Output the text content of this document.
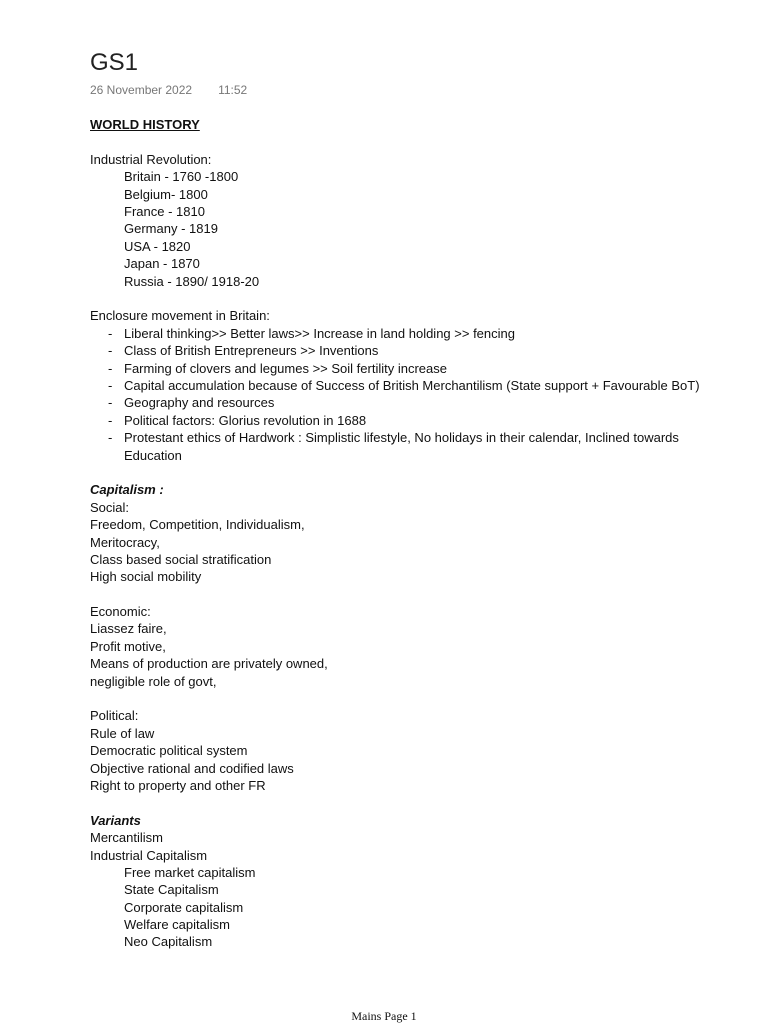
GS1
26 November 2022 11:52
WORLD HISTORY
Industrial Revolution:
Britain - 1760 -1800
Belgium- 1800
France - 1810
Germany - 1819
USA - 1820
Japan - 1870
Russia - 1890/ 1918-20
Enclosure movement in Britain:
- Liberal thinking>> Better laws>> Increase in land holding >> fencing
- Class of British Entrepreneurs >> Inventions
- Farming of clovers and legumes >> Soil fertility increase
- Capital accumulation because of Success of British Merchantilism (State support + Favourable BoT)
- Geography and resources
- Political factors: Glorius revolution in 1688
- Protestant ethics of Hardwork : Simplistic lifestyle, No holidays in their calendar, Inclined towards Education
Capitalism :
Social:
Freedom, Competition, Individualism,
Meritocracy,
Class based social stratification
High social mobility
Economic:
Liassez faire,
Profit motive,
Means of production are privately owned,
negligible role of govt,
Political:
Rule of law
Democratic political system
Objective rational and codified laws
Right to property and other FR
Variants
Mercantilism
Industrial Capitalism
Free market capitalism
State Capitalism
Corporate capitalism
Welfare capitalism
Neo Capitalism
Mains Page 1
